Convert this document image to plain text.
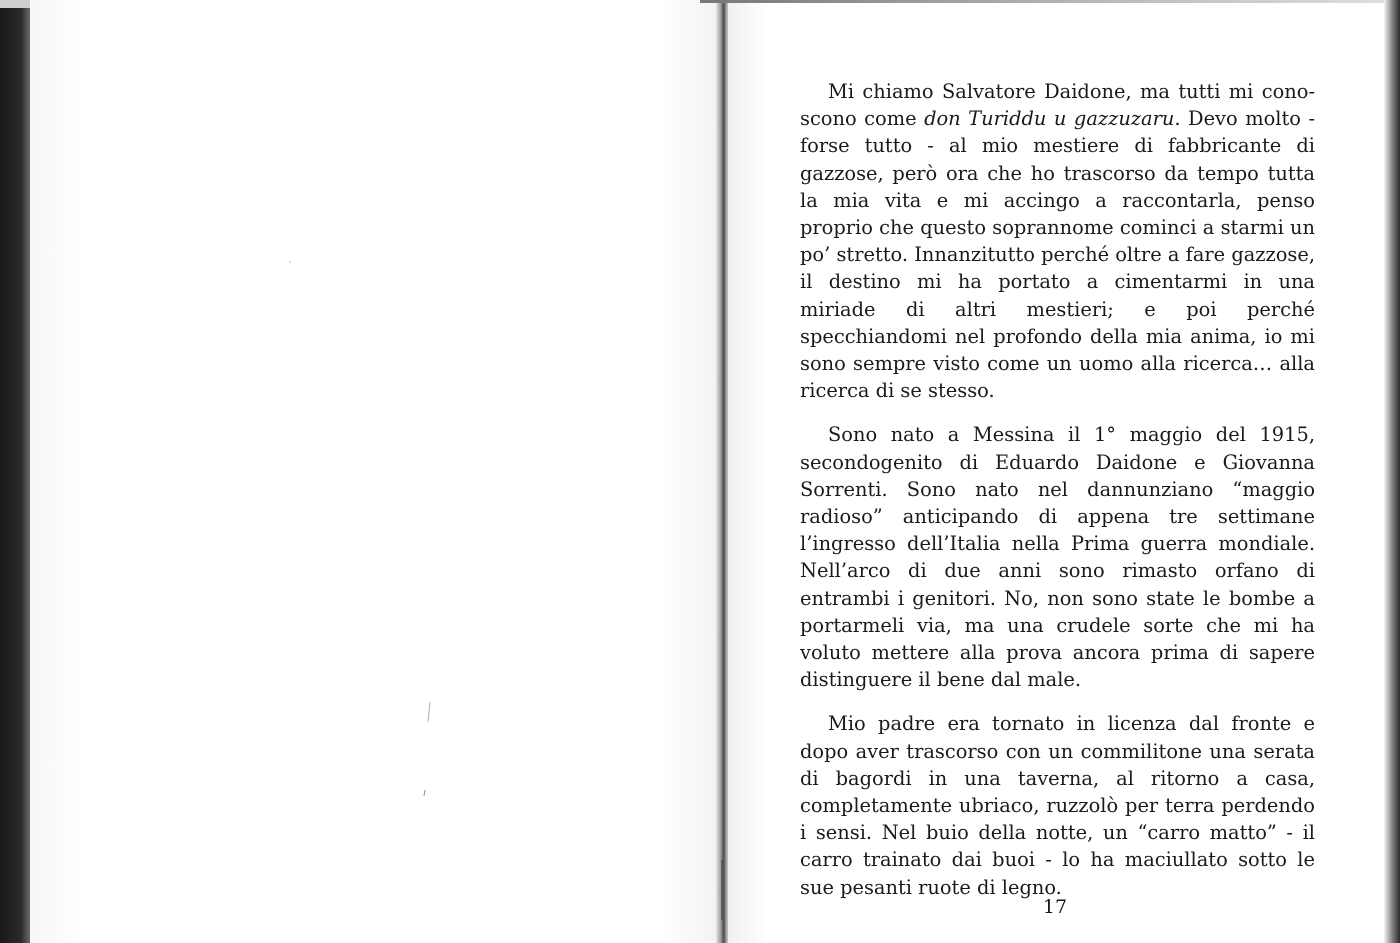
Mi chiamo Salvatore Daidone, ma tutti mi conoscono come don Turiddu u gazzuzaru. Devo molto - forse tutto - al mio mestiere di fabbricante di gazzose, però ora che ho trascorso da tempo tutta la mia vita e mi accingo a raccontarla, penso proprio che questo soprannome cominci a starmi un po’ stretto. Innanzitutto perché oltre a fare gazzose, il destino mi ha portato a cimentarmi in una miriade di altri mestieri; e poi perché specchiandomi nel profondo della mia anima, io mi sono sempre visto come un uomo alla ricerca… alla ricerca di se stesso.

Sono nato a Messina il 1° maggio del 1915, secondogenito di Eduardo Daidone e Giovanna Sorrenti. Sono nato nel dannunziano “maggio radioso” anticipando di appena tre settimane l’ingresso dell’Italia nella Prima guerra mondiale. Nell’arco di due anni sono rimasto orfano di entrambi i genitori. No, non sono state le bombe a portarmeli via, ma una crudele sorte che mi ha voluto mettere alla prova ancora prima di sapere distinguere il bene dal male.

Mio padre era tornato in licenza dal fronte e dopo aver trascorso con un commilitone una serata di bagordi in una taverna, al ritorno a casa, completamente ubriaco, ruzzolò per terra perdendo i sensi. Nel buio della notte, un “carro matto” - il carro trainato dai buoi - lo ha maciullato sotto le sue pesanti ruote di legno.

17
